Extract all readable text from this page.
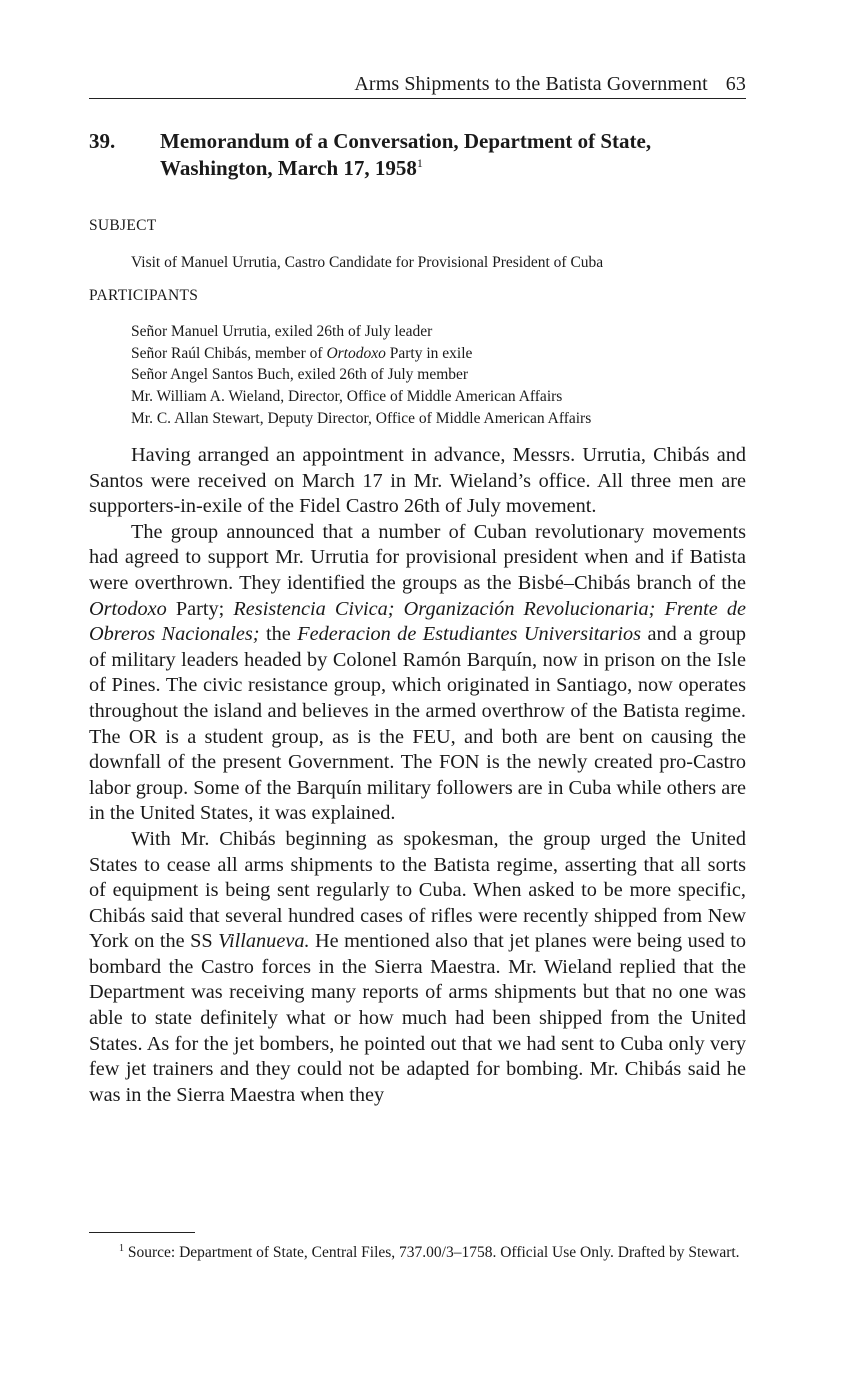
Arms Shipments to the Batista Government 63
39. Memorandum of a Conversation, Department of State,
Washington, March 17, 1958$^1$
SUBJECT
Visit of Manuel Urrutia, Castro Candidate for Provisional President of Cuba
PARTICIPANTS
Señor Manuel Urrutia, exiled 26th of July leader
Señor Raúl Chibás, member of Ortodoxo Party in exile
Señor Angel Santos Buch, exiled 26th of July member
Mr. William A. Wieland, Director, Office of Middle American Affairs
Mr. C. Allan Stewart, Deputy Director, Office of Middle American Affairs

Having arranged an appointment in advance, Messrs. Urrutia, Chibás and Santos were received on March 17 in Mr. Wieland’s office. All three men are supporters-in-exile of the Fidel Castro 26th of July movement.

The group announced that a number of Cuban revolutionary movements had agreed to support Mr. Urrutia for provisional president when and if Batista were overthrown. They identified the groups as the Bisbé–Chibás branch of the Ortodoxo Party; Resistencia Civica; Organización Revolucionaria; Frente de Obreros Nacionales; the Federacion de Estudiantes Universitarios and a group of military leaders headed by Colonel Ramón Barquín, now in prison on the Isle of Pines. The civic resistance group, which originated in Santiago, now operates throughout the island and believes in the armed overthrow of the Batista regime. The OR is a student group, as is the FEU, and both are bent on causing the downfall of the present Government. The FON is the newly created pro-Castro labor group. Some of the Barquín military followers are in Cuba while others are in the United States, it was explained.

With Mr. Chibás beginning as spokesman, the group urged the United States to cease all arms shipments to the Batista regime, asserting that all sorts of equipment is being sent regularly to Cuba. When asked to be more specific, Chibás said that several hundred cases of rifles were recently shipped from New York on the SS Villanueva. He mentioned also that jet planes were being used to bombard the Castro forces in the Sierra Maestra. Mr. Wieland replied that the Department was receiving many reports of arms shipments but that no one was able to state definitely what or how much had been shipped from the United States. As for the jet bombers, he pointed out that we had sent to Cuba only very few jet trainers and they could not be adapted for bombing. Mr. Chibás said he was in the Sierra Maestra when they

$^1$ Source: Department of State, Central Files, 737.00/3–1758. Official Use Only. Drafted by Stewart.
